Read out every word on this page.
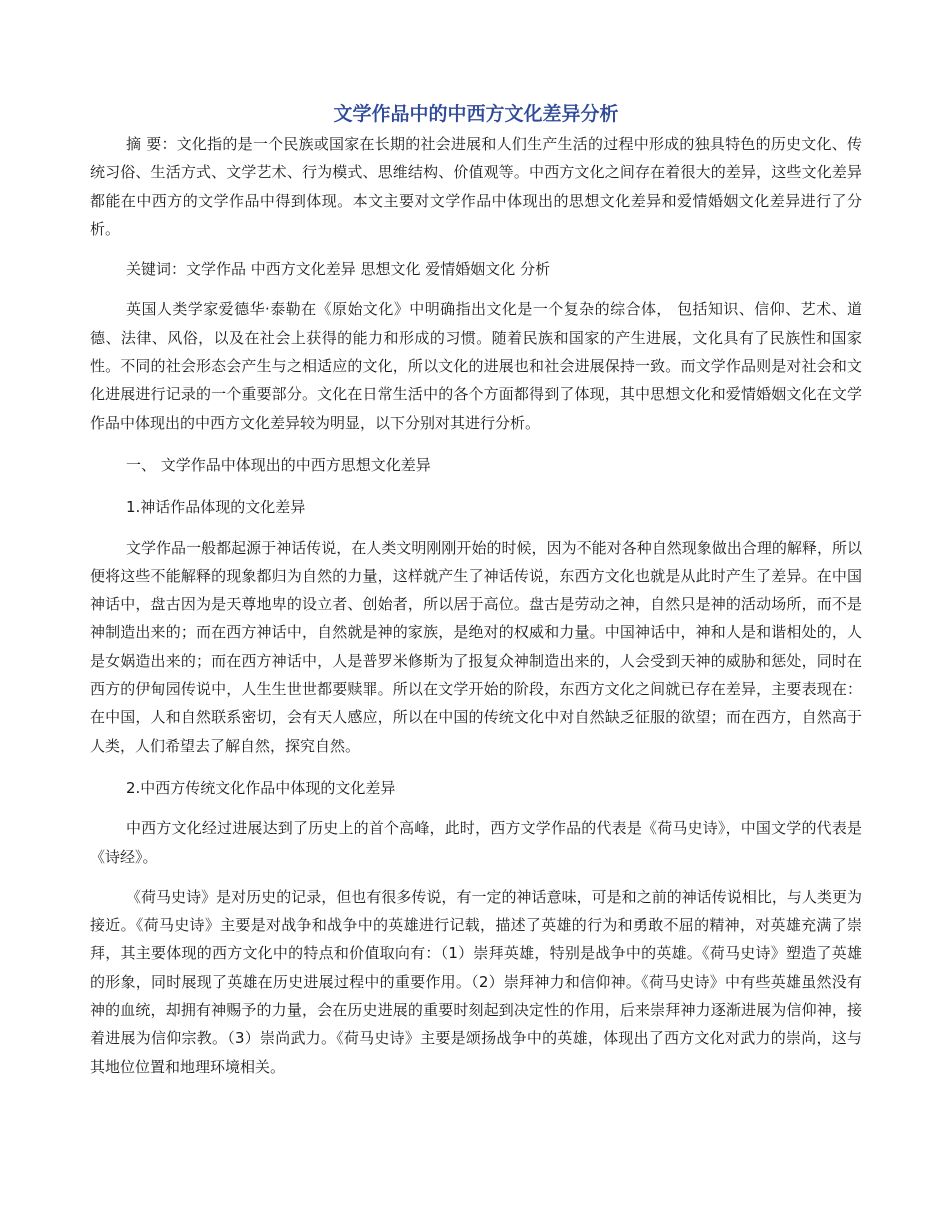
文学作品中的中西方文化差异分析

摘 要：文化指的是一个民族或国家在长期的社会进展和人们生产生活的过程中形成的独具特色的历史文化、传统习俗、生活方式、文学艺术、行为模式、思维结构、价值观等。中西方文化之间存在着很大的差异，这些文化差异都能在中西方的文学作品中得到体现。本文主要对文学作品中体现出的思想文化差异和爱情婚姻文化差异进行了分析。

关键词：文学作品 中西方文化差异 思想文化 爱情婚姻文化 分析

英国人类学家爱德华·泰勒在《原始文化》中明确指出文化是一个复杂的综合体， 包括知识、信仰、艺术、道德、法律、风俗，以及在社会上获得的能力和形成的习惯。随着民族和国家的产生进展，文化具有了民族性和国家性。不同的社会形态会产生与之相适应的文化，所以文化的进展也和社会进展保持一致。而文学作品则是对社会和文化进展进行记录的一个重要部分。文化在日常生活中的各个方面都得到了体现，其中思想文化和爱情婚姻文化在文学作品中体现出的中西方文化差异较为明显，以下分别对其进行分析。

一、 文学作品中体现出的中西方思想文化差异

1.神话作品体现的文化差异

文学作品一般都起源于神话传说，在人类文明刚刚开始的时候，因为不能对各种自然现象做出合理的解释，所以便将这些不能解释的现象都归为自然的力量，这样就产生了神话传说，东西方文化也就是从此时产生了差异。在中国神话中，盘古因为是天尊地卑的设立者、创始者，所以居于高位。盘古是劳动之神，自然只是神的活动场所，而不是神制造出来的；而在西方神话中，自然就是神的家族，是绝对的权威和力量。中国神话中，神和人是和谐相处的，人是女娲造出来的；而在西方神话中，人是普罗米修斯为了报复众神制造出来的，人会受到天神的威胁和惩处，同时在西方的伊甸园传说中，人生生世世都要赎罪。所以在文学开始的阶段，东西方文化之间就已存在差异，主要表现在：在中国，人和自然联系密切，会有天人感应，所以在中国的传统文化中对自然缺乏征服的欲望；而在西方，自然高于人类，人们希望去了解自然，探究自然。

2.中西方传统文化作品中体现的文化差异

中西方文化经过进展达到了历史上的首个高峰，此时，西方文学作品的代表是《荷马史诗》，中国文学的代表是《诗经》。

《荷马史诗》是对历史的记录，但也有很多传说，有一定的神话意味，可是和之前的神话传说相比，与人类更为接近。《荷马史诗》主要是对战争和战争中的英雄进行记载，描述了英雄的行为和勇敢不屈的精神，对英雄充满了崇拜，其主要体现的西方文化中的特点和价值取向有：（1）崇拜英雄，特别是战争中的英雄。《荷马史诗》塑造了英雄的形象，同时展现了英雄在历史进展过程中的重要作用。（2）崇拜神力和信仰神。《荷马史诗》中有些英雄虽然没有神的血统，却拥有神赐予的力量，会在历史进展的重要时刻起到决定性的作用，后来崇拜神力逐渐进展为信仰神，接着进展为信仰宗教。（3）崇尚武力。《荷马史诗》主要是颂扬战争中的英雄，体现出了西方文化对武力的崇尚，这与其地位位置和地理环境相关。
